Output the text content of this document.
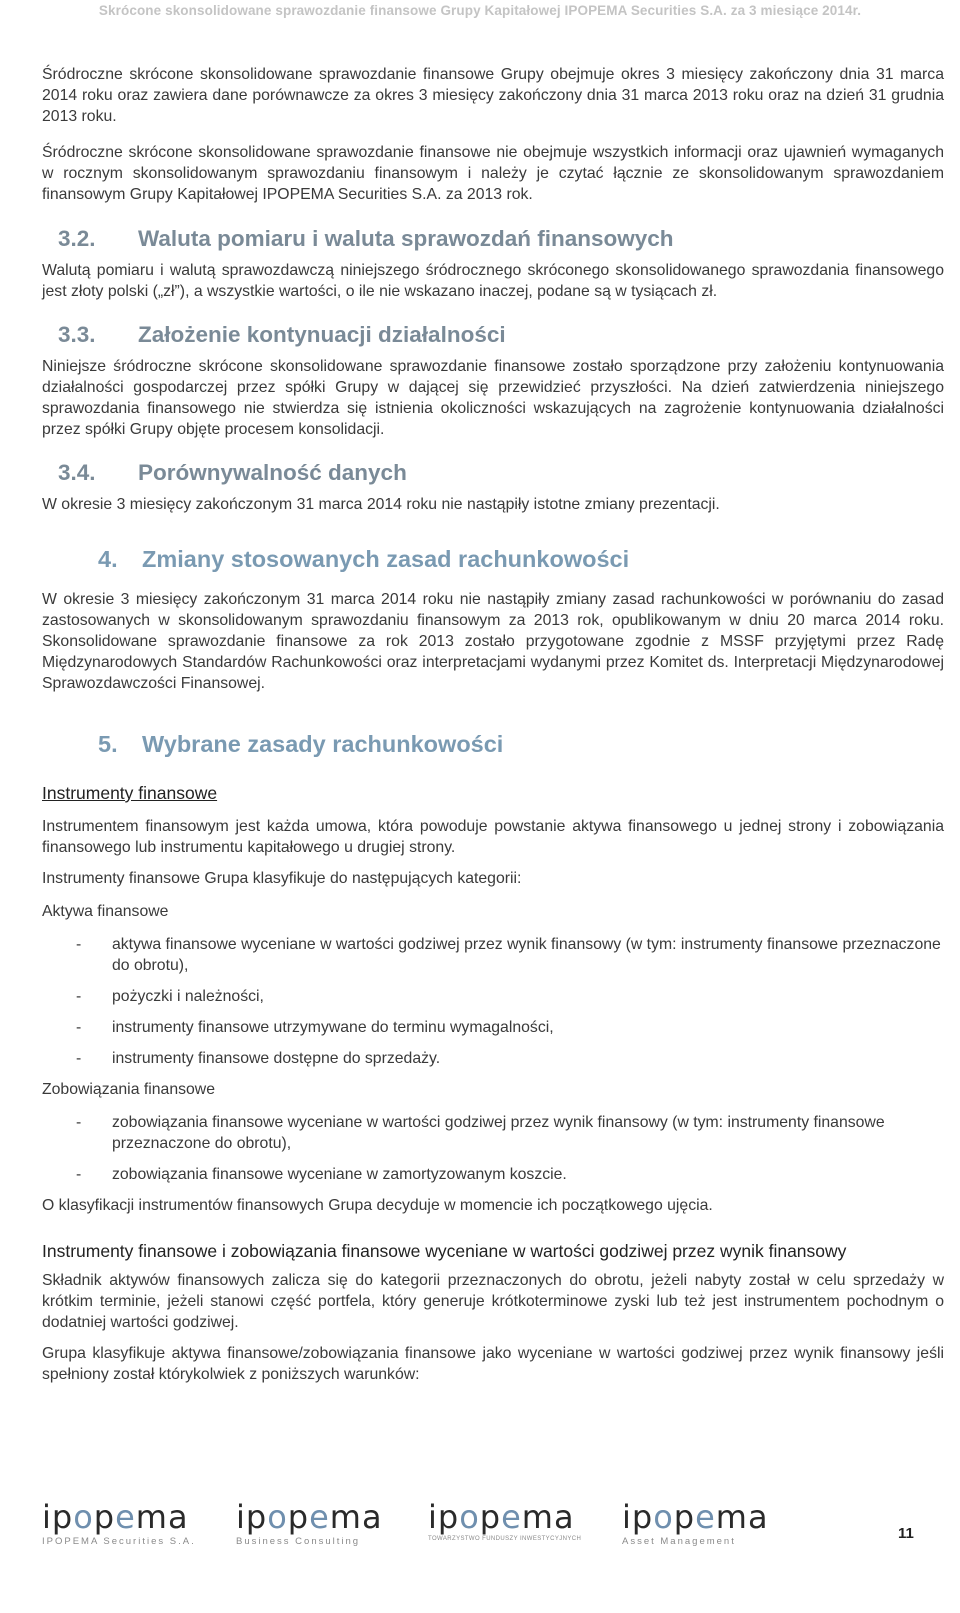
Skrócone skonsolidowane sprawozdanie finansowe Grupy Kapitałowej IPOPEMA Securities S.A. za 3 miesiące 2014r.

Śródroczne skrócone skonsolidowane sprawozdanie finansowe Grupy obejmuje okres 3 miesięcy zakończony dnia 31 marca 2014 roku oraz zawiera dane porównawcze za okres 3 miesięcy zakończony dnia 31 marca 2013 roku oraz na dzień 31 grudnia 2013 roku.

Śródroczne skrócone skonsolidowane sprawozdanie finansowe nie obejmuje wszystkich informacji oraz ujawnień wymaganych w rocznym skonsolidowanym sprawozdaniu finansowym i należy je czytać łącznie ze skonsolidowanym sprawozdaniem finansowym Grupy Kapitałowej IPOPEMA Securities S.A. za 2013 rok.

3.2.	Waluta pomiaru i waluta sprawozdań finansowych

Walutą pomiaru i walutą sprawozdawczą niniejszego śródrocznego skróconego skonsolidowanego sprawozdania finansowego jest złoty polski („zł”), a wszystkie wartości, o ile nie wskazano inaczej, podane są w tysiącach zł.

3.3.	Założenie kontynuacji działalności

Niniejsze śródroczne skrócone skonsolidowane sprawozdanie finansowe zostało sporządzone przy założeniu kontynuowania działalności gospodarczej przez spółki Grupy w dającej się przewidzieć przyszłości. Na dzień zatwierdzenia niniejszego sprawozdania finansowego nie stwierdza się istnienia okoliczności wskazujących na zagrożenie kontynuowania działalności przez spółki Grupy objęte procesem konsolidacji.

3.4.	Porównywalność danych

W okresie 3 miesięcy zakończonym 31 marca 2014 roku nie nastąpiły istotne zmiany prezentacji.

4.	Zmiany stosowanych zasad rachunkowości

W okresie 3 miesięcy zakończonym 31 marca 2014 roku nie nastąpiły zmiany zasad rachunkowości w porównaniu do zasad zastosowanych w skonsolidowanym sprawozdaniu finansowym za 2013 rok, opublikowanym w dniu 20 marca 2014 roku. Skonsolidowane sprawozdanie finansowe za rok 2013 zostało przygotowane zgodnie z MSSF przyjętymi przez Radę Międzynarodowych Standardów Rachunkowości oraz interpretacjami wydanymi przez Komitet ds. Interpretacji Międzynarodowej Sprawozdawczości Finansowej.

5.	Wybrane zasady rachunkowości
Instrumenty finansowe

Instrumentem finansowym jest każda umowa, która powoduje powstanie aktywa finansowego u jednej strony i zobowiązania finansowego lub instrumentu kapitałowego u drugiej strony.

Instrumenty finansowe Grupa klasyfikuje do następujących kategorii:

Aktywa finansowe

- aktywa finansowe wyceniane w wartości godziwej przez wynik finansowy (w tym: instrumenty finansowe przeznaczone do obrotu),
- pożyczki i należności,
- instrumenty finansowe utrzymywane do terminu wymagalności,
- instrumenty finansowe dostępne do sprzedaży.

Zobowiązania finansowe

- zobowiązania finansowe wyceniane w wartości godziwej przez wynik finansowy (w tym: instrumenty finansowe przeznaczone do obrotu),
- zobowiązania finansowe wyceniane w zamortyzowanym koszcie.

O klasyfikacji instrumentów finansowych Grupa decyduje w momencie ich początkowego ujęcia.

Instrumenty finansowe i zobowiązania finansowe wyceniane w wartości godziwej przez wynik finansowy

Składnik aktywów finansowych zalicza się do kategorii przeznaczonych do obrotu, jeżeli nabyty został w celu sprzedaży w krótkim terminie, jeżeli stanowi część portfela, który generuje krótkoterminowe zyski lub też jest instrumentem pochodnym o dodatniej wartości godziwej.

Grupa klasyfikuje aktywa finansowe/zobowiązania finansowe jako wyceniane w wartości godziwej przez wynik finansowy jeśli spełniony został którykolwiek z poniższych warunków:

ipopema
IPOPEMA Securities S.A.
ipopema
Business Consulting
ipopema
TOWARZYSTWO FUNDUSZY INWESTYCYJNYCH
ipopema
Asset Management	11
